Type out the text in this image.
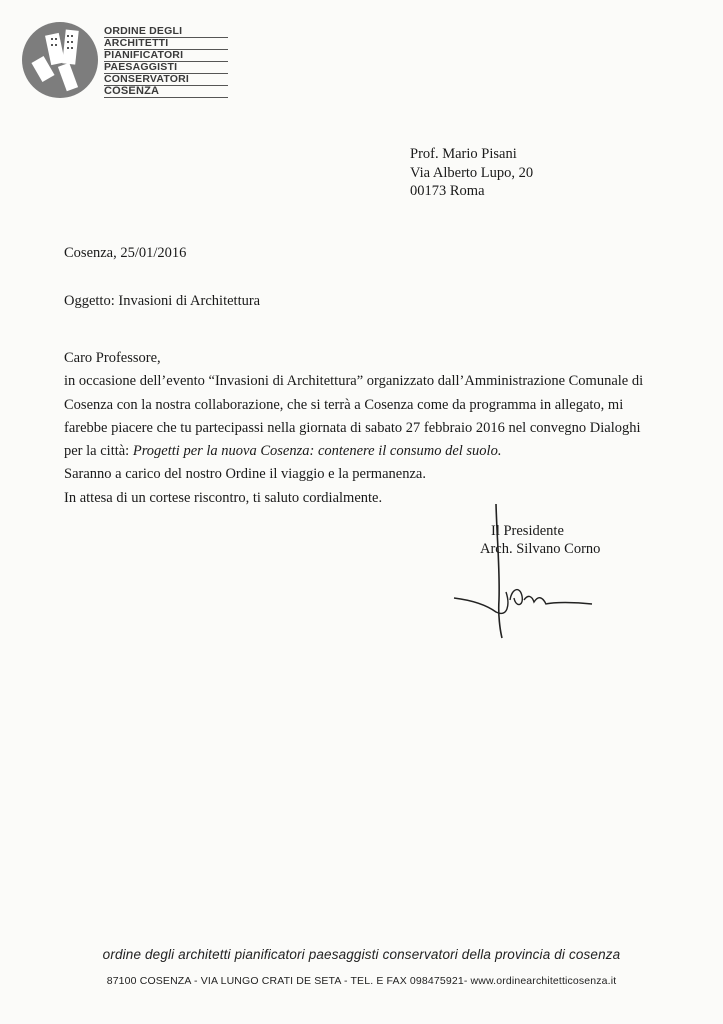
ORDINE DEGLI
ARCHITETTI
PIANIFICATORI
PAESAGGISTI
CONSERVATORI
COSENZA
Prof. Mario Pisani
Via Alberto Lupo, 20
00173 Roma
Cosenza, 25/01/2016
Oggetto: Invasioni di Architettura

Caro Professore,

in occasione dell’evento “Invasioni di Architettura” organizzato dall’Amministrazione Comunale di

Cosenza con la nostra collaborazione, che si terrà a Cosenza come da programma in allegato, mi

farebbe piacere che tu partecipassi nella giornata di sabato 27 febbraio 2016 nel convegno Dialoghi

per la città: Progetti per la nuova Cosenza: contenere il consumo del suolo.

Saranno a carico del nostro Ordine il viaggio e la permanenza.

In attesa di un cortese riscontro, ti saluto cordialmente.

Il Presidente
Arch. Silvano Corno
ordine degli architetti pianificatori paesaggisti conservatori della provincia di cosenza
87100 COSENZA - VIA LUNGO CRATI DE SETA - TEL. E FAX 098475921- www.ordinearchitetticosenza.it
